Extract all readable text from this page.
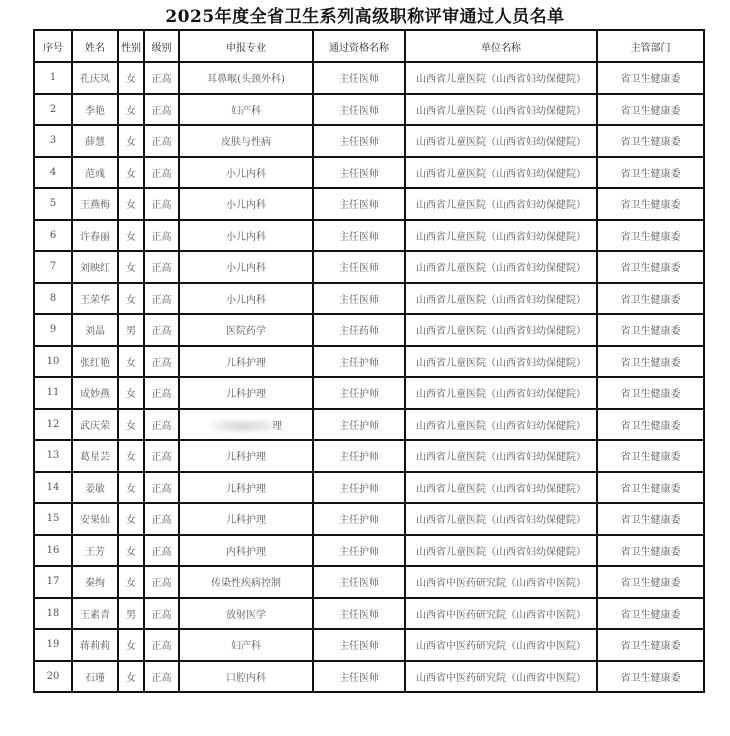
2025年度全省卫生系列高级职称评审通过人员名单
序号	姓名	性别	级别	申报专业	通过资格名称	单位名称	主管部门
1	孔庆凤	女	正高	耳鼻喉(头颈外科)	主任医师	山西省儿童医院（山西省妇幼保健院）	省卫生健康委
2	李艳	女	正高	妇产科	主任医师	山西省儿童医院（山西省妇幼保健院）	省卫生健康委
3	薛慧	女	正高	皮肤与性病	主任医师	山西省儿童医院（山西省妇幼保健院）	省卫生健康委
4	范彧	女	正高	小儿内科	主任医师	山西省儿童医院（山西省妇幼保健院）	省卫生健康委
5	王燕梅	女	正高	小儿内科	主任医师	山西省儿童医院（山西省妇幼保健院）	省卫生健康委
6	许春丽	女	正高	小儿内科	主任医师	山西省儿童医院（山西省妇幼保健院）	省卫生健康委
7	刘映红	女	正高	小儿内科	主任医师	山西省儿童医院（山西省妇幼保健院）	省卫生健康委
8	王荣华	女	正高	小儿内科	主任医师	山西省儿童医院（山西省妇幼保健院）	省卫生健康委
9	刘晶	男	正高	医院药学	主任药师	山西省儿童医院（山西省妇幼保健院）	省卫生健康委
10	张红艳	女	正高	儿科护理	主任护师	山西省儿童医院（山西省妇幼保健院）	省卫生健康委
11	成妙燕	女	正高	儿科护理	主任护师	山西省儿童医院（山西省妇幼保健院）	省卫生健康委
12	武庆荣	女	正高	理	主任护师	山西省儿童医院（山西省妇幼保健院）	省卫生健康委
13	葛星芸	女	正高	儿科护理	主任护师	山西省儿童医院（山西省妇幼保健院）	省卫生健康委
14	姜敏	女	正高	儿科护理	主任护师	山西省儿童医院（山西省妇幼保健院）	省卫生健康委
15	安果仙	女	正高	儿科护理	主任护师	山西省儿童医院（山西省妇幼保健院）	省卫生健康委
16	王芳	女	正高	内科护理	主任护师	山西省儿童医院（山西省妇幼保健院）	省卫生健康委
17	秦绚	女	正高	传染性疾病控制	主任医师	山西省中医药研究院（山西省中医院）	省卫生健康委
18	王素青	男	正高	放射医学	主任医师	山西省中医药研究院（山西省中医院）	省卫生健康委
19	蒋莉莉	女	正高	妇产科	主任医师	山西省中医药研究院（山西省中医院）	省卫生健康委
20	石瑾	女	正高	口腔内科	主任医师	山西省中医药研究院（山西省中医院）	省卫生健康委
